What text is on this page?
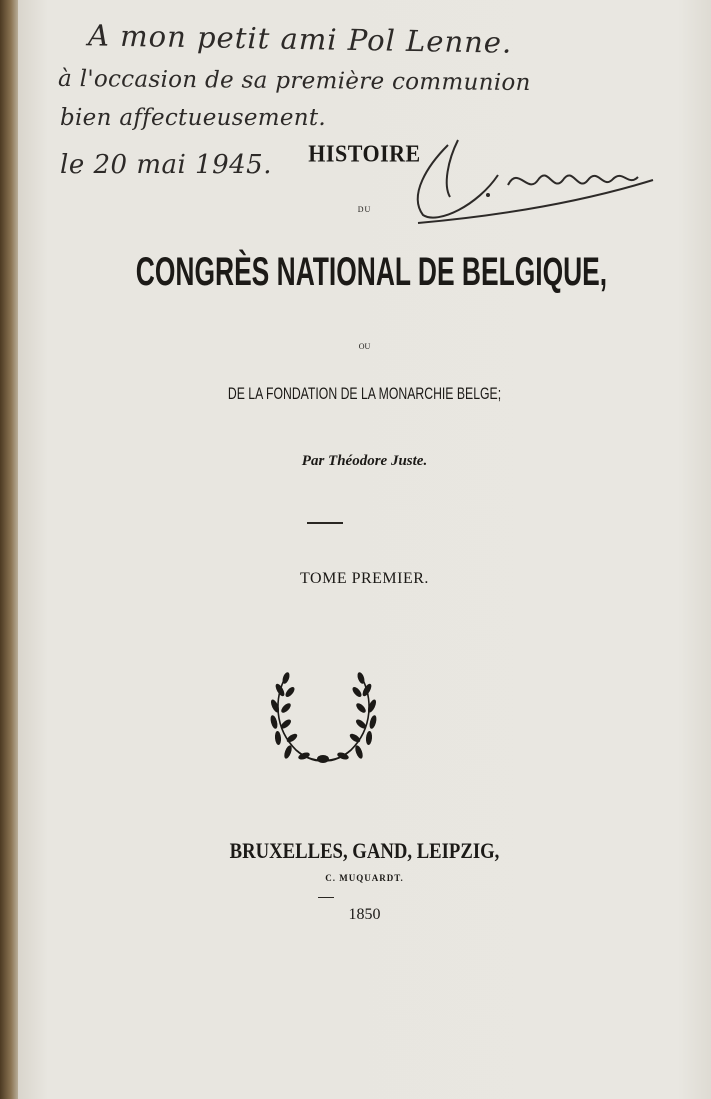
A mon petit ami Pol Lenne.
à l'occasion de sa première communion
bien affectueusement.
le 20 mai 1945.	HISTOIRE
DU
CONGRÈS NATIONAL DE BELGIQUE,
OU
DE LA FONDATION DE LA MONARCHIE BELGE;
Par Théodore Juste.
TOME PREMIER.
BRUXELLES, GAND, LEIPZIG,
C. MUQUARDT.
1850
